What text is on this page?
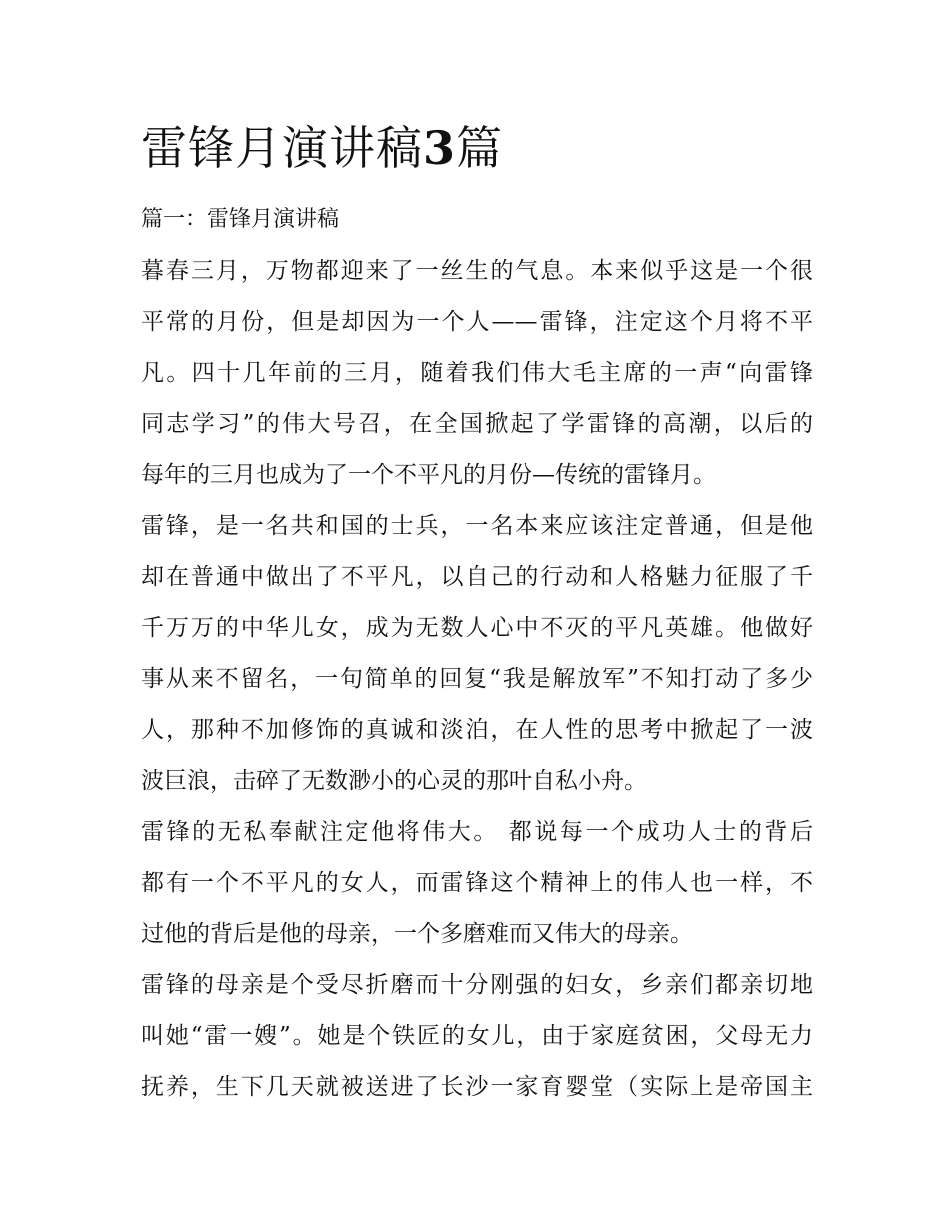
雷锋月演讲稿3篇
篇一：雷锋月演讲稿
暮春三月，万物都迎来了一丝生的气息。本来似乎这是一个很
平常的月份，但是却因为一个人——雷锋，注定这个月将不平
凡。四十几年前的三月，随着我们伟大毛主席的一声“向雷锋
同志学习”的伟大号召，在全国掀起了学雷锋的高潮，以后的
每年的三月也成为了一个不平凡的月份—传统的雷锋月。
雷锋，是一名共和国的士兵，一名本来应该注定普通，但是他
却在普通中做出了不平凡，以自己的行动和人格魅力征服了千
千万万的中华儿女，成为无数人心中不灭的平凡英雄。他做好
事从来不留名，一句简单的回复“我是解放军”不知打动了多少
人，那种不加修饰的真诚和淡泊，在人性的思考中掀起了一波
波巨浪，击碎了无数渺小的心灵的那叶自私小舟。
雷锋的无私奉献注定他将伟大。 都说每一个成功人士的背后
都有一个不平凡的女人，而雷锋这个精神上的伟人也一样，不
过他的背后是他的母亲，一个多磨难而又伟大的母亲。
雷锋的母亲是个受尽折磨而十分刚强的妇女，乡亲们都亲切地
叫她“雷一嫂”。她是个铁匠的女儿，由于家庭贫困，父母无力
抚养，生下几天就被送进了长沙一家育婴堂（实际上是帝国主
